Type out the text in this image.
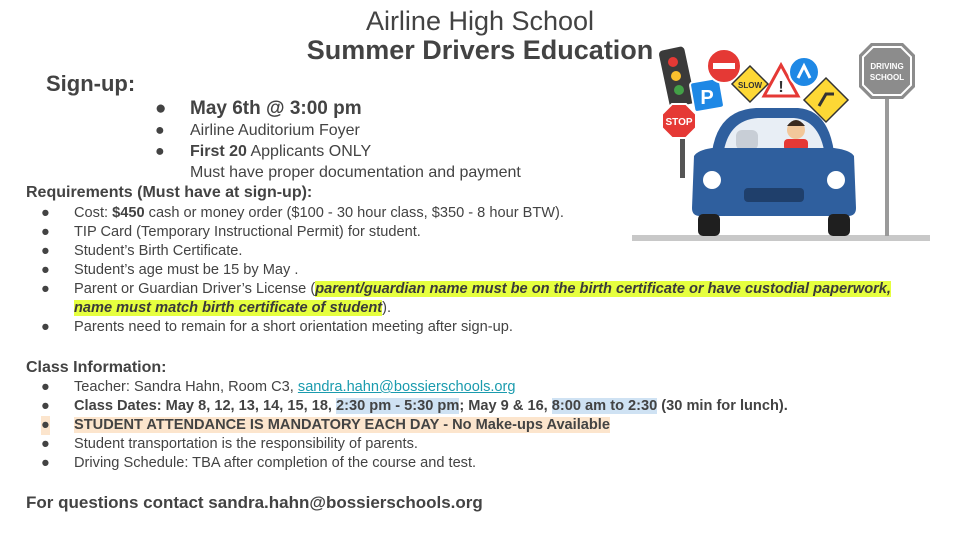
Airline High School
Summer Drivers Education
Sign-up:
● May 6th @ 3:00 pm
● Airline Auditorium Foyer
● First 20 Applicants ONLY
Must have proper documentation and payment
Requirements (Must have at sign-up):
● Cost: $450 cash or money order ($100 - 30 hour class, $350 - 8 hour BTW).
● TIP Card (Temporary Instructional Permit) for student.
● Student’s Birth Certificate.
● Student’s age must be 15 by May .
● Parent or Guardian Driver’s License (parent/guardian name must be on the birth certificate or have custodial paperwork, name must match birth certificate of student).
● Parents need to remain for a short orientation meeting after sign-up.
Class Information:
● Teacher: Sandra Hahn, Room C3, sandra.hahn@bossierschools.org
● Class Dates: May 8, 12, 13, 14, 15, 18, 2:30 pm - 5:30 pm; May 9 & 16, 8:00 am to 2:30 (30 min for lunch).
● STUDENT ATTENDANCE IS MANDATORY EACH DAY - No Make-ups Available
● Student transportation is the responsibility of parents.
● Driving Schedule: TBA after completion of the course and test.
For questions contact sandra.hahn@bossierschools.org
DRIVING
SCHOOL
STOP
P
SLOW !
